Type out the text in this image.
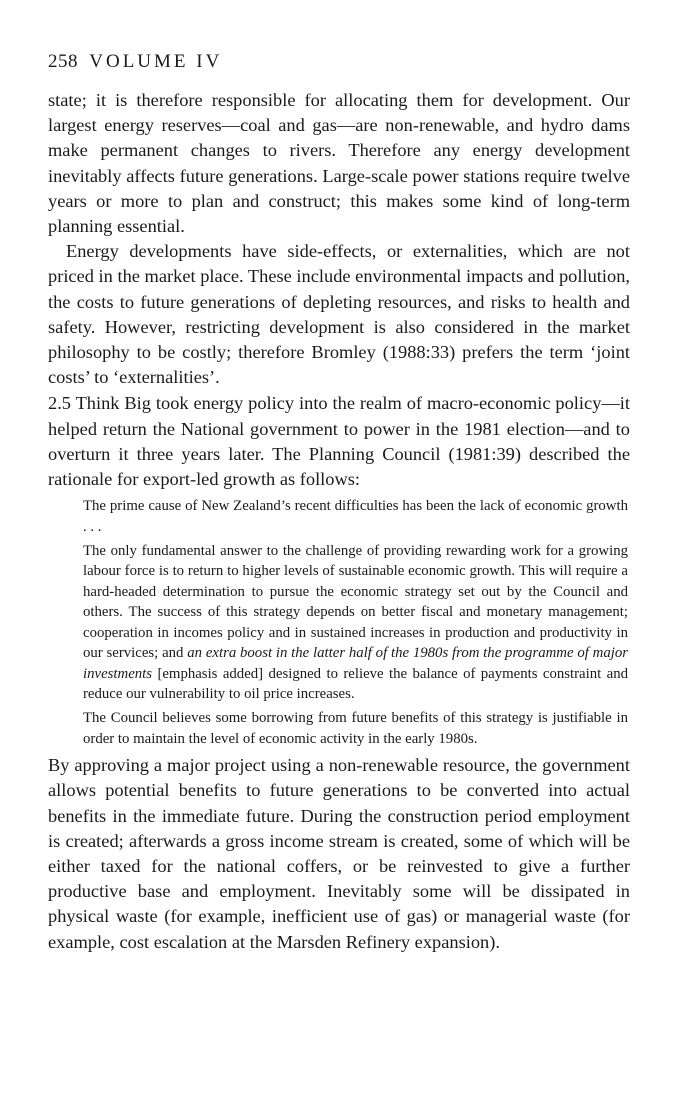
258 VOLUME IV

state; it is therefore responsible for allocating them for development. Our largest energy reserves—coal and gas—are non-renewable, and hydro dams make permanent changes to rivers. Therefore any energy development inevitably affects future generations. Large-scale power stations require twelve years or more to plan and construct; this makes some kind of long-term planning essential.

Energy developments have side-effects, or externalities, which are not priced in the market place. These include environmental impacts and pollution, the costs to future generations of depleting resources, and risks to health and safety. However, restricting development is also considered in the market philosophy to be costly; therefore Bromley (1988:33) prefers the term ‘joint costs’ to ‘externalities’.

2.5 Think Big took energy policy into the realm of macro-economic policy—it helped return the National government to power in the 1981 election—and to overturn it three years later. The Planning Council (1981:39) described the rationale for export-led growth as follows:

The prime cause of New Zealand’s recent difficulties has been the lack of economic growth . . .

The only fundamental answer to the challenge of providing rewarding work for a growing labour force is to return to higher levels of sustainable economic growth. This will require a hard-headed determination to pursue the economic strategy set out by the Council and others. The success of this strategy depends on better fiscal and monetary management; cooperation in incomes policy and in sustained increases in production and productivity in our services; and an extra boost in the latter half of the 1980s from the programme of major investments [emphasis added] designed to relieve the balance of payments constraint and reduce our vulnerability to oil price increases.

The Council believes some borrowing from future benefits of this strategy is justifiable in order to maintain the level of economic activity in the early 1980s.

By approving a major project using a non-renewable resource, the government allows potential benefits to future generations to be converted into actual benefits in the immediate future. During the construction period employment is created; afterwards a gross income stream is created, some of which will be either taxed for the national coffers, or be reinvested to give a further productive base and employment. Inevitably some will be dissipated in physical waste (for example, inefficient use of gas) or managerial waste (for example, cost escalation at the Marsden Refinery expansion).
